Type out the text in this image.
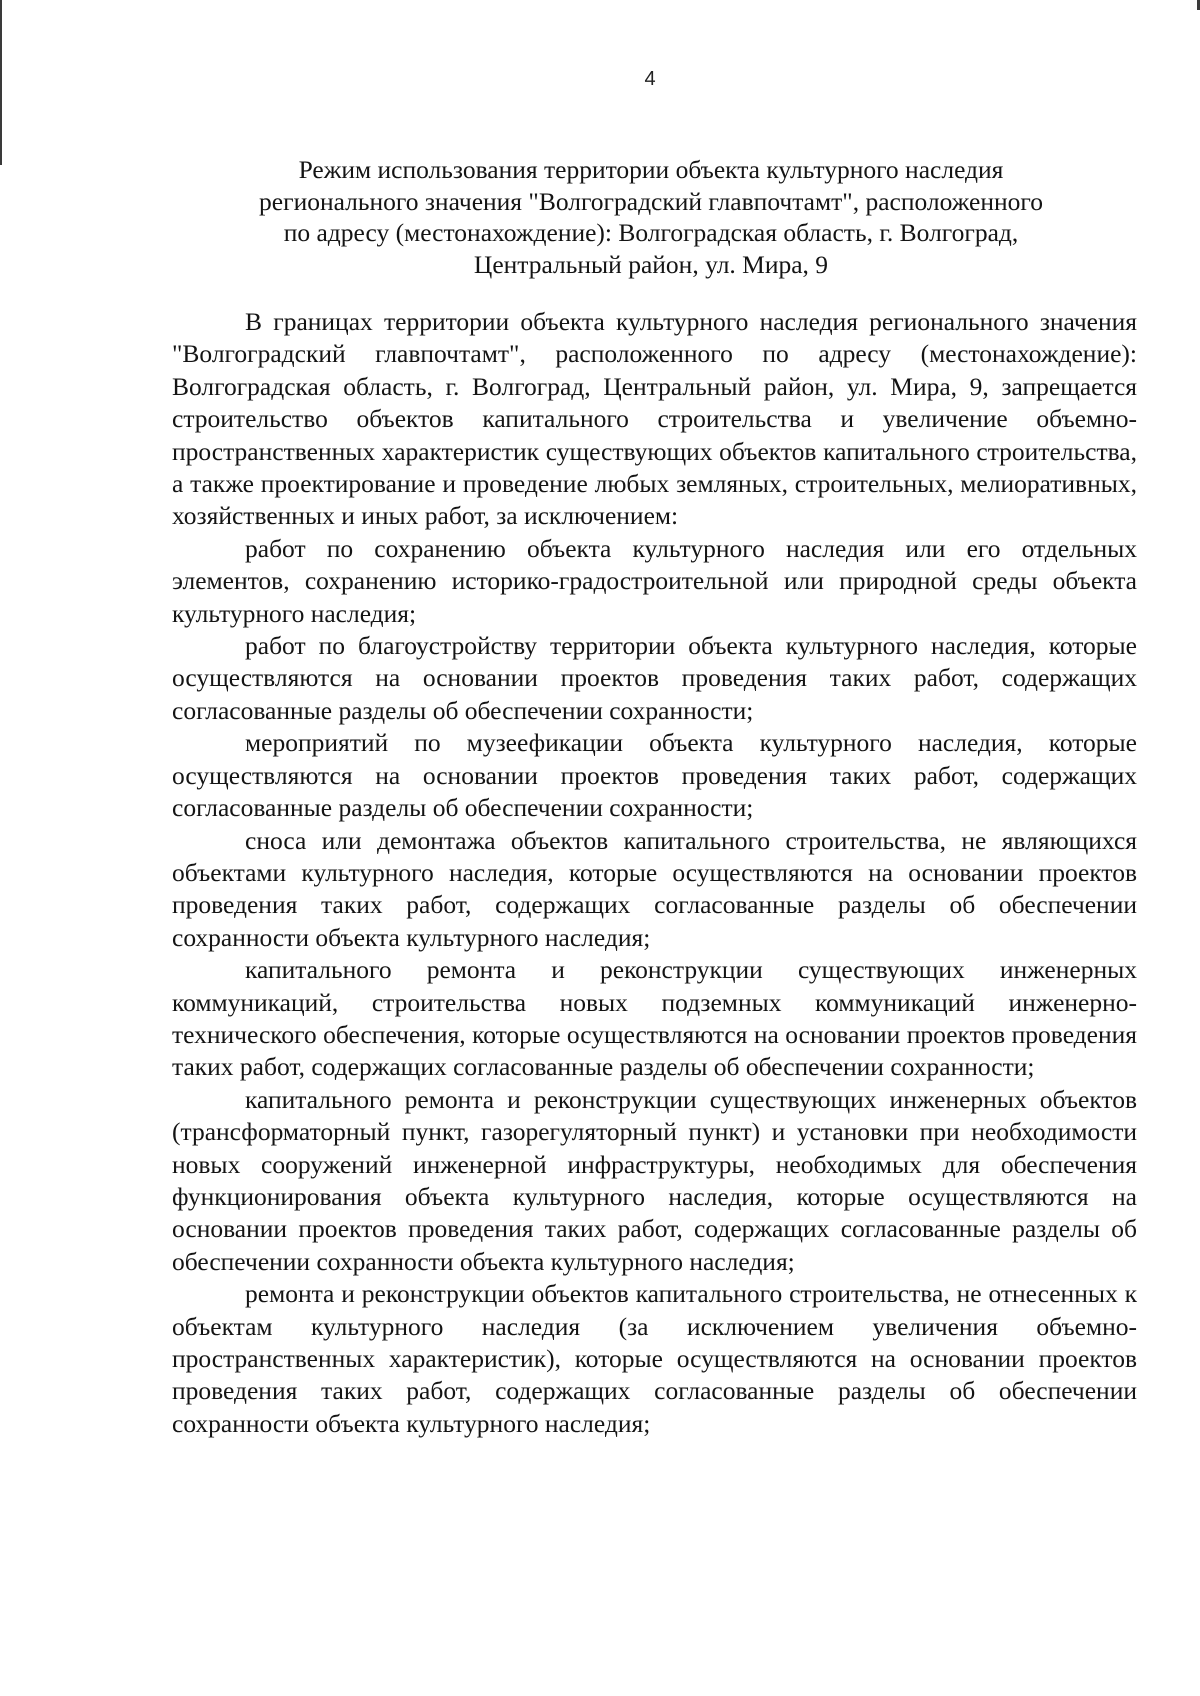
4
Режим использования территории объекта культурного наследия
регионального значения "Волгоградский главпочтамт", расположенного
по адресу (местонахождение): Волгоградская область, г. Волгоград,
Центральный район, ул. Мира, 9

В границах территории объекта культурного наследия регионального значения "Волгоградский главпочтамт", расположенного по адресу (местонахождение): Волгоградская область, г. Волгоград, Центральный район, ул. Мира, 9, запрещается строительство объектов капитального строительства и увеличение объемно-пространственных характеристик существующих объектов капитального строительства, а также проектирование и проведение любых земляных, строительных, мелиоративных, хозяйственных и иных работ, за исключением:

работ по сохранению объекта культурного наследия или его отдельных элементов, сохранению историко-градостроительной или природной среды объекта культурного наследия;

работ по благоустройству территории объекта культурного наследия, которые осуществляются на основании проектов проведения таких работ, содержащих согласованные разделы об обеспечении сохранности;

мероприятий по музеефикации объекта культурного наследия, которые осуществляются на основании проектов проведения таких работ, содержащих согласованные разделы об обеспечении сохранности;

сноса или демонтажа объектов капитального строительства, не являющихся объектами культурного наследия, которые осуществляются на основании проектов проведения таких работ, содержащих согласованные разделы об обеспечении сохранности объекта культурного наследия;

капитального ремонта и реконструкции существующих инженерных коммуникаций, строительства новых подземных коммуникаций инженерно-технического обеспечения, которые осуществляются на основании проектов проведения таких работ, содержащих согласованные разделы об обеспечении сохранности;

капитального ремонта и реконструкции существующих инженерных объектов (трансформаторный пункт, газорегуляторный пункт) и установки при необходимости новых сооружений инженерной инфраструктуры, необходимых для обеспечения функционирования объекта культурного наследия, которые осуществляются на основании проектов проведения таких работ, содержащих согласованные разделы об обеспечении сохранности объекта культурного наследия;

ремонта и реконструкции объектов капитального строительства, не отнесенных к объектам культурного наследия (за исключением увеличения объемно-пространственных характеристик), которые осуществляются на основании проектов проведения таких работ, содержащих согласованные разделы об обеспечении сохранности объекта культурного наследия;
